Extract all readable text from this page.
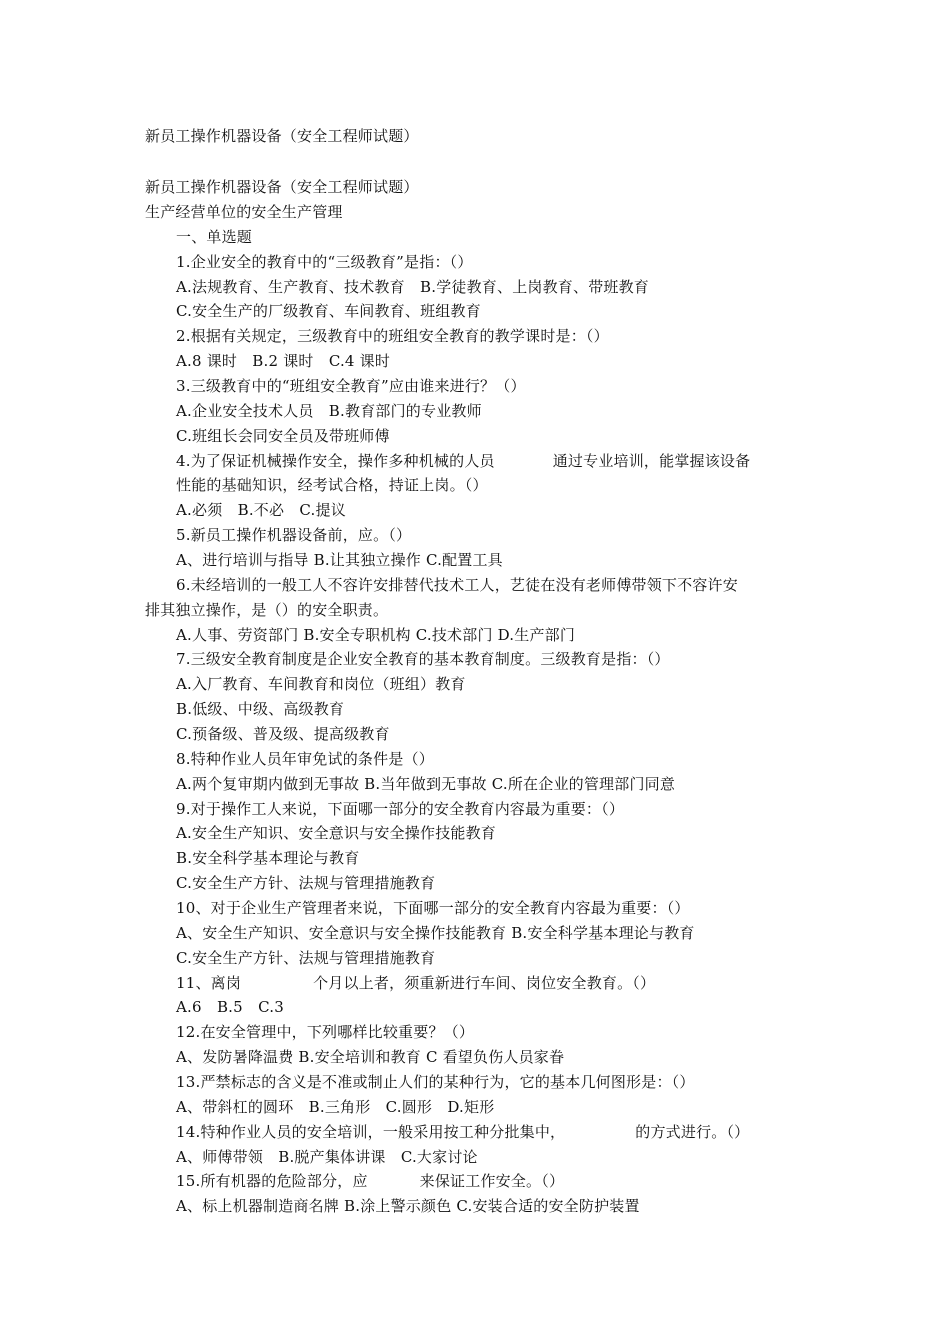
新员工操作机器设备（安全工程师试题）
新员工操作机器设备（安全工程师试题）
生产经营单位的安全生产管理
一、单选题
1.企业安全的教育中的“三级教育”是指：（）
A.法规教育、生产教育、技术教育　B.学徒教育、上岗教育、带班教育
C.安全生产的厂级教育、车间教育、班组教育
2.根据有关规定，三级教育中的班组安全教育的教学课时是：（）
A.8 课时　B.2 课时　C.4 课时
3.三级教育中的“班组安全教育”应由谁来进行？（）
A.企业安全技术人员　B.教育部门的专业教师
C.班组长会同安全员及带班师傅
4.为了保证机械操作安全，操作多种机械的人员	通过专业培训，能掌握该设备
性能的基础知识，经考试合格，持证上岗。（）
A.必须　B.不必　C.提议
5.新员工操作机器设备前，应。（）
A、进行培训与指导 B.让其独立操作 C.配置工具
6.未经培训的一般工人不容许安排替代技术工人，艺徒在没有老师傅带领下不容许安
排其独立操作，是（）的安全职责。
A.人事、劳资部门 B.安全专职机构 C.技术部门 D.生产部门
7.三级安全教育制度是企业安全教育的基本教育制度。三级教育是指：（）
A.入厂教育、车间教育和岗位（班组）教育
B.低级、中级、高级教育
C.预备级、普及级、提高级教育
8.特种作业人员年审免试的条件是（）
A.两个复审期内做到无事故 B.当年做到无事故 C.所在企业的管理部门同意
9.对于操作工人来说，下面哪一部分的安全教育内容最为重要：（）
A.安全生产知识、安全意识与安全操作技能教育
B.安全科学基本理论与教育
C.安全生产方针、法规与管理措施教育
10、对于企业生产管理者来说，下面哪一部分的安全教育内容最为重要：（）
A、安全生产知识、安全意识与安全操作技能教育 B.安全科学基本理论与教育
C.安全生产方针、法规与管理措施教育
11、离岗	个月以上者，须重新进行车间、岗位安全教育。（）
A.6　B.5　C.3
12.在安全管理中，下列哪样比较重要？（）
A、发防暑降温费 B.安全培训和教育 C 看望负伤人员家眷
13.严禁标志的含义是不准或制止人们的某种行为，它的基本几何图形是：（）
A、带斜杠的圆环　B.三角形　C.圆形　D.矩形
14.特种作业人员的安全培训，一般采用按工种分批集中，	的方式进行。（）
A、师傅带领　B.脱产集体讲课　C.大家讨论
15.所有机器的危险部分，应	来保证工作安全。（）
A、标上机器制造商名牌 B.涂上警示颜色 C.安装合适的安全防护装置
